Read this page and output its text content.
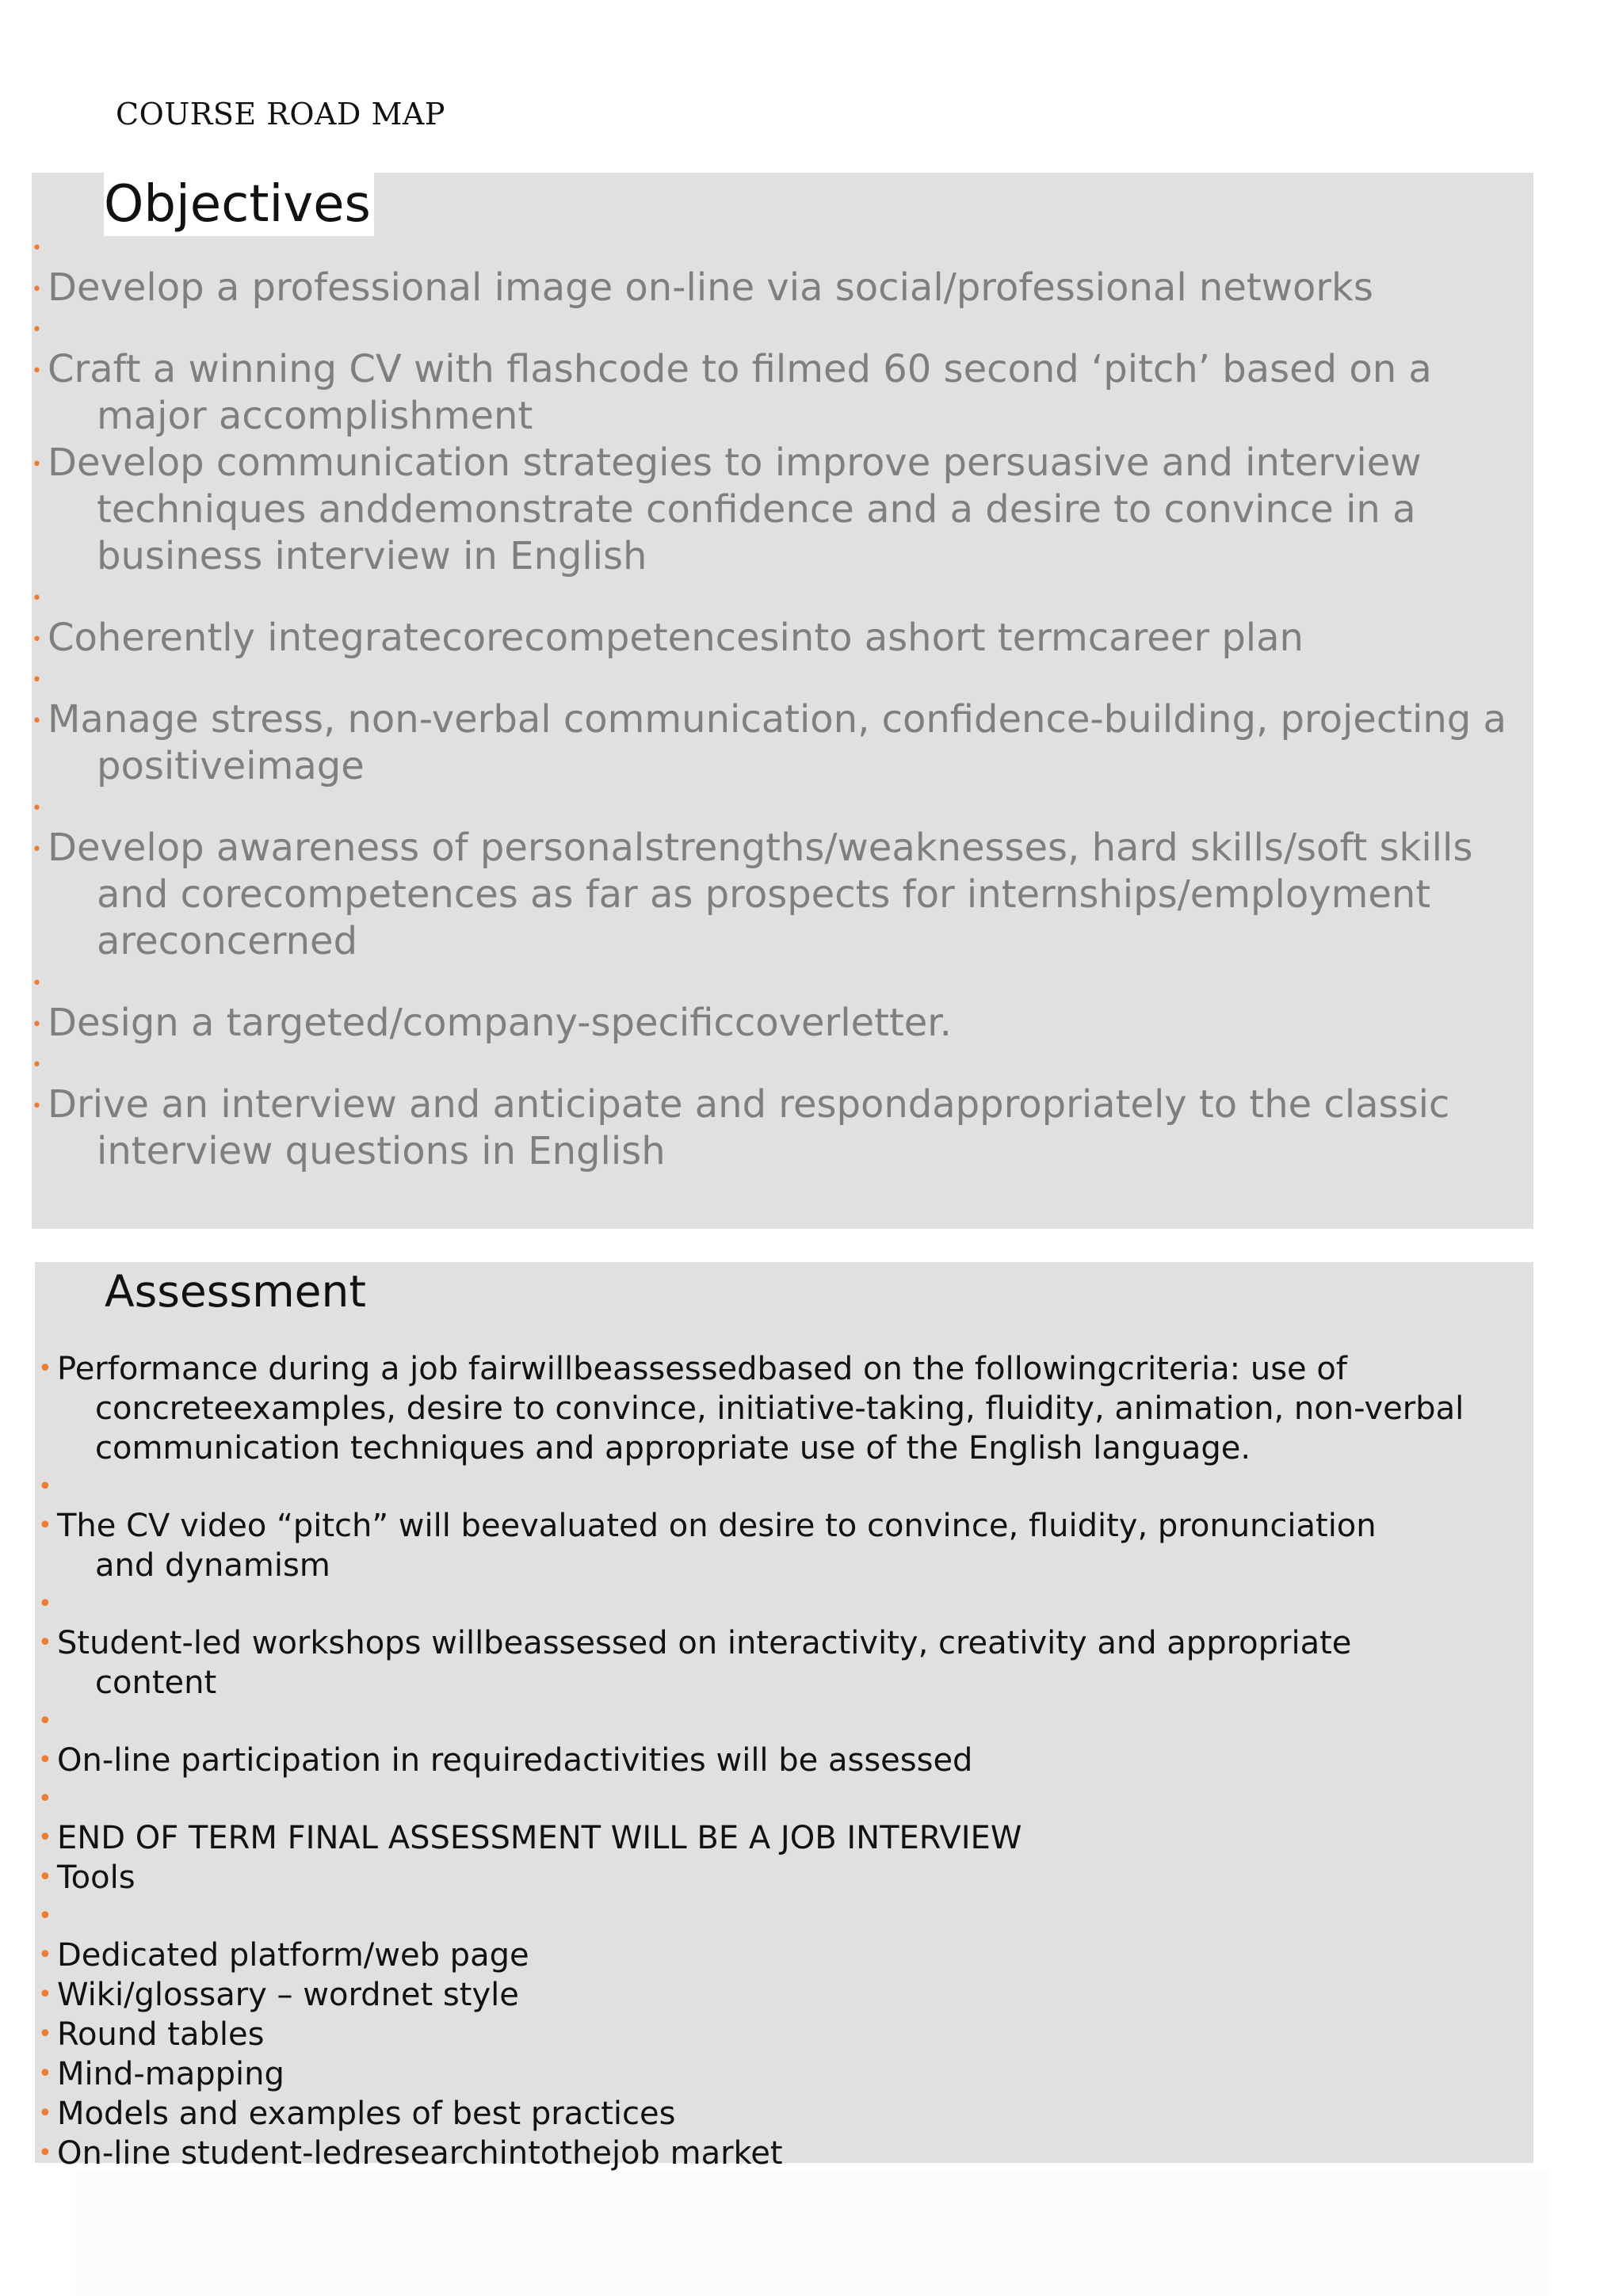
COURSE ROAD MAP
Objectives
•
• Develop a professional image on-line via social/professional networks
•
• Craft a winning CV with flashcode to filmed 60 second ‘pitch’ based on a
major accomplishment
• Develop communication strategies to improve persuasive and interview
techniques anddemonstrate confidence and a desire to convince in a
business interview in English
•
• Coherently integratecorecompetencesinto ashort termcareer plan
•
• Manage stress, non-verbal communication, confidence-building, projecting a
positiveimage
•
• Develop awareness of personalstrengths/weaknesses, hard skills/soft skills
and corecompetences as far as prospects for internships/employment
areconcerned
•
• Design a targeted/company-specificcoverletter.
•
• Drive an interview and anticipate and respondappropriately to the classic
interview questions in English
Assessment
• Performance during a job fairwillbeassessedbased on the followingcriteria: use of
concreteexamples, desire to convince, initiative-taking, fluidity, animation, non-verbal
communication techniques and appropriate use of the English language.
•
• The CV video “pitch” will beevaluated on desire to convince, fluidity, pronunciation
and dynamism
•
• Student-led workshops willbeassessed on interactivity, creativity and appropriate
content
•
• On-line participation in requiredactivities will be assessed
•
• END OF TERM FINAL ASSESSMENT WILL BE A JOB INTERVIEW
• Tools
•
• Dedicated platform/web page
• Wiki/glossary – wordnet style
• Round tables
• Mind-mapping
• Models and examples of best practices
• On-line student-ledresearchintothejob market
